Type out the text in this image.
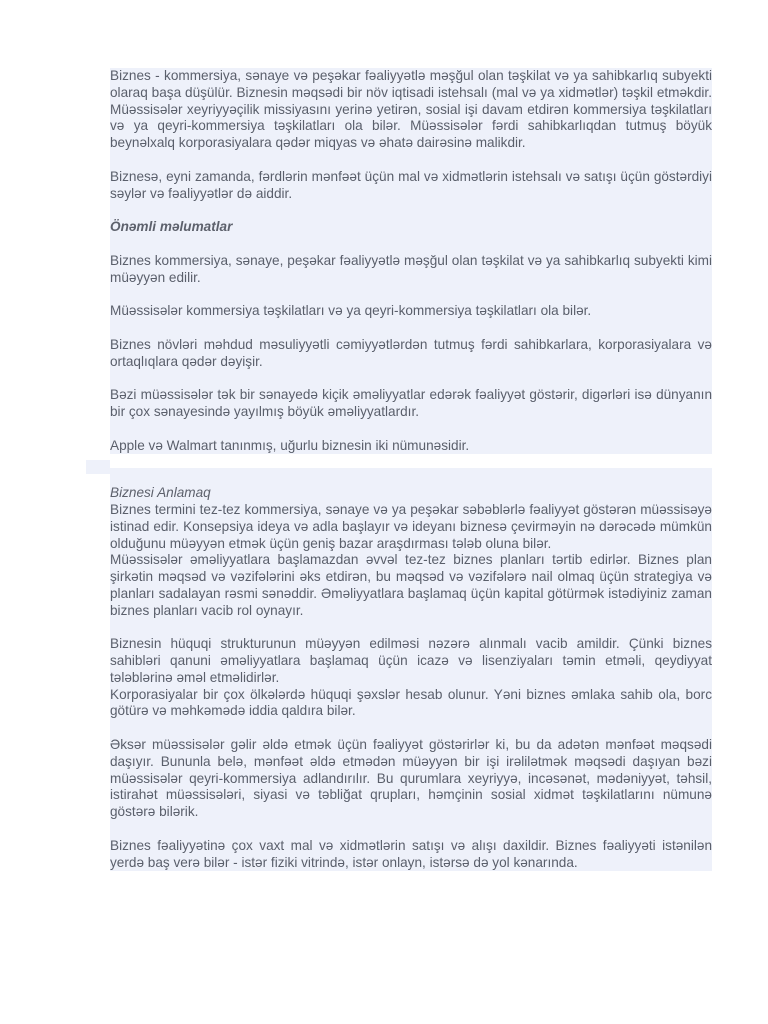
Biznes - kommersiya, sənaye və peşəkar fəaliyyətlə məşğul olan təşkilat və ya sahibkarlıq subyekti olaraq başa düşülür. Biznesin məqsədi bir növ iqtisadi istehsalı (mal və ya xidmətlər) təşkil etməkdir. Müəssisələr xeyriyyəçilik missiyasını yerinə yetirən, sosial işi davam etdirən kommersiya təşkilatları və ya qeyri-kommersiya təşkilatları ola bilər. Müəssisələr fərdi sahibkarlıqdan tutmuş böyük beynəlxalq korporasiyalara qədər miqyas və əhatə dairəsinə malikdir.

Biznesə, eyni zamanda, fərdlərin mənfəət üçün mal və xidmətlərin istehsalı və satışı üçün göstərdiyi səylər və fəaliyyətlər də aiddir.

Önəmli məlumatlar

Biznes kommersiya, sənaye, peşəkar fəaliyyətlə məşğul olan təşkilat və ya sahibkarlıq subyekti kimi müəyyən edilir.

Müəssisələr kommersiya təşkilatları və ya qeyri-kommersiya təşkilatları ola bilər.

Biznes növləri məhdud məsuliyyətli cəmiyyətlərdən tutmuş fərdi sahibkarlara, korporasiyalara və ortaqlıqlara qədər dəyişir.

Bəzi müəssisələr tək bir sənayedə kiçik əməliyyatlar edərək fəaliyyət göstərir, digərləri isə dünyanın bir çox sənayesində yayılmış böyük əməliyyatlardır.

Apple və Walmart tanınmış, uğurlu biznesin iki nümunəsidir.

Biznesi Anlamaq

Biznes termini tez-tez kommersiya, sənaye və ya peşəkar səbəblərlə fəaliyyət göstərən müəssisəyə istinad edir. Konsepsiya ideya və adla başlayır və ideyanı biznesə çevirməyin nə dərəcədə mümkün olduğunu müəyyən etmək üçün geniş bazar araşdırması tələb oluna bilər.

Müəssisələr əməliyyatlara başlamazdan əvvəl tez-tez biznes planları tərtib edirlər. Biznes plan şirkətin məqsəd və vəzifələrini əks etdirən, bu məqsəd və vəzifələrə nail olmaq üçün strategiya və planları sadalayan rəsmi sənəddir. Əməliyyatlara başlamaq üçün kapital götürmək istədiyiniz zaman biznes planları vacib rol oynayır.

Biznesin hüquqi strukturunun müəyyən edilməsi nəzərə alınmalı vacib amildir. Çünki biznes sahibləri qanuni əməliyyatlara başlamaq üçün icazə və lisenziyaları təmin etməli, qeydiyyat tələblərinə əməl etməlidirlər.

Korporasiyalar bir çox ölkələrdə hüquqi şəxslər hesab olunur. Yəni biznes əmlaka sahib ola, borc götürə və məhkəmədə iddia qaldıra bilər.

Əksər müəssisələr gəlir əldə etmək üçün fəaliyyət göstərirlər ki, bu da adətən mənfəət məqsədi daşıyır. Bununla belə, mənfəət əldə etmədən müəyyən bir işi irəlilətmək məqsədi daşıyan bəzi müəssisələr qeyri-kommersiya adlandırılır. Bu qurumlara xeyriyyə, incəsənət, mədəniyyət, təhsil, istirahət müəssisələri, siyasi və təbliğat qrupları, həmçinin sosial xidmət təşkilatlarını nümunə göstərə bilərik.

Biznes fəaliyyətinə çox vaxt mal və xidmətlərin satışı və alışı daxildir. Biznes fəaliyyəti istənilən yerdə baş verə bilər - istər fiziki vitrində, istər onlayn, istərsə də yol kənarında.
